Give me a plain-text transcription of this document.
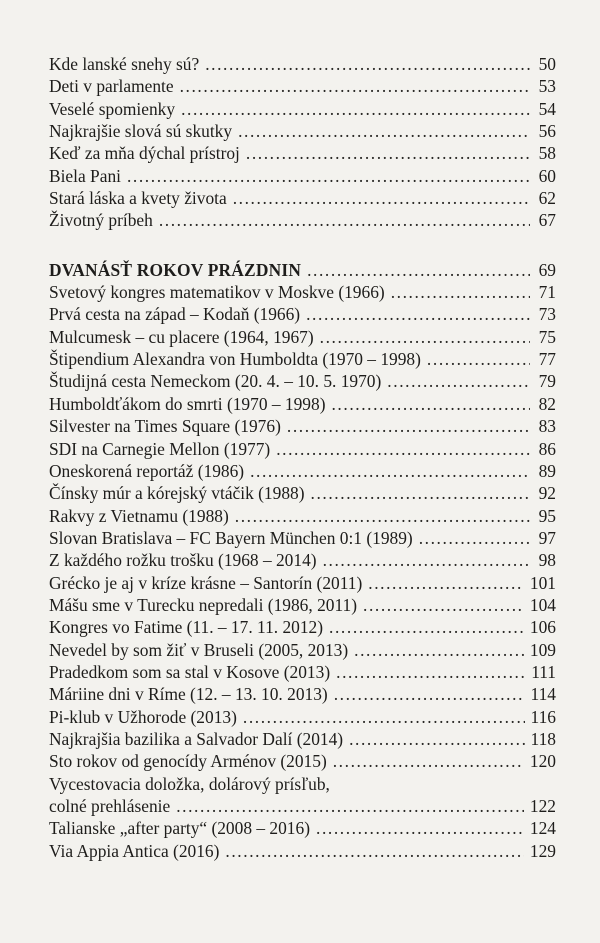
Kde lanské snehy sú? .....	50
Deti v parlamente .....	53
Veselé spomienky .....	54
Najkrajšie slová sú skutky .....	56
Keď za mňa dýchal prístroj .....	58
Biela Pani .....	60
Stará láska a kvety života .....	62
Životný príbeh .....	67
DVANÁSŤ ROKOV PRÁZDNIN .....	69
Svetový kongres matematikov v Moskve (1966) .....	71
Prvá cesta na západ – Kodaň (1966) .....	73
Mulcumesk – cu placere (1964, 1967) .....	75
Štipendium Alexandra von Humboldta (1970 – 1998) .....	77
Študijná cesta Nemeckom (20. 4. – 10. 5. 1970) .....	79
Humboldťákom do smrti (1970 – 1998) .....	82
Silvester na Times Square (1976) .....	83
SDI na Carnegie Mellon (1977) .....	86
Oneskorená reportáž (1986) .....	89
Čínsky múr a kórejský vtáčik (1988) .....	92
Rakvy z Vietnamu (1988) .....	95
Slovan Bratislava – FC Bayern München 0:1 (1989) .....	97
Z každého rožku trošku (1968 – 2014) .....	98
Grécko je aj v kríze krásne – Santorín (2011) .....	101
Mášu sme v Turecku nepredali (1986, 2011) .....	104
Kongres vo Fatime (11. – 17. 11. 2012) .....	106
Nevedel by som žiť v Bruseli (2005, 2013) .....	109
Pradedkom som sa stal v Kosove (2013) .....	111
Máriine dni v Ríme (12. – 13. 10. 2013) .....	114
Pi-klub v Užhorode (2013) .....	116
Najkrajšia bazilika a Salvador Dalí (2014) .....	118
Sto rokov od genocídy Arménov (2015) .....	120
Vycestovacia doložka, dolárový prísľub,
colné prehlásenie .....	122
Talianske „after party“ (2008 – 2016) .....	124
Via Appia Antica (2016) .....	129
